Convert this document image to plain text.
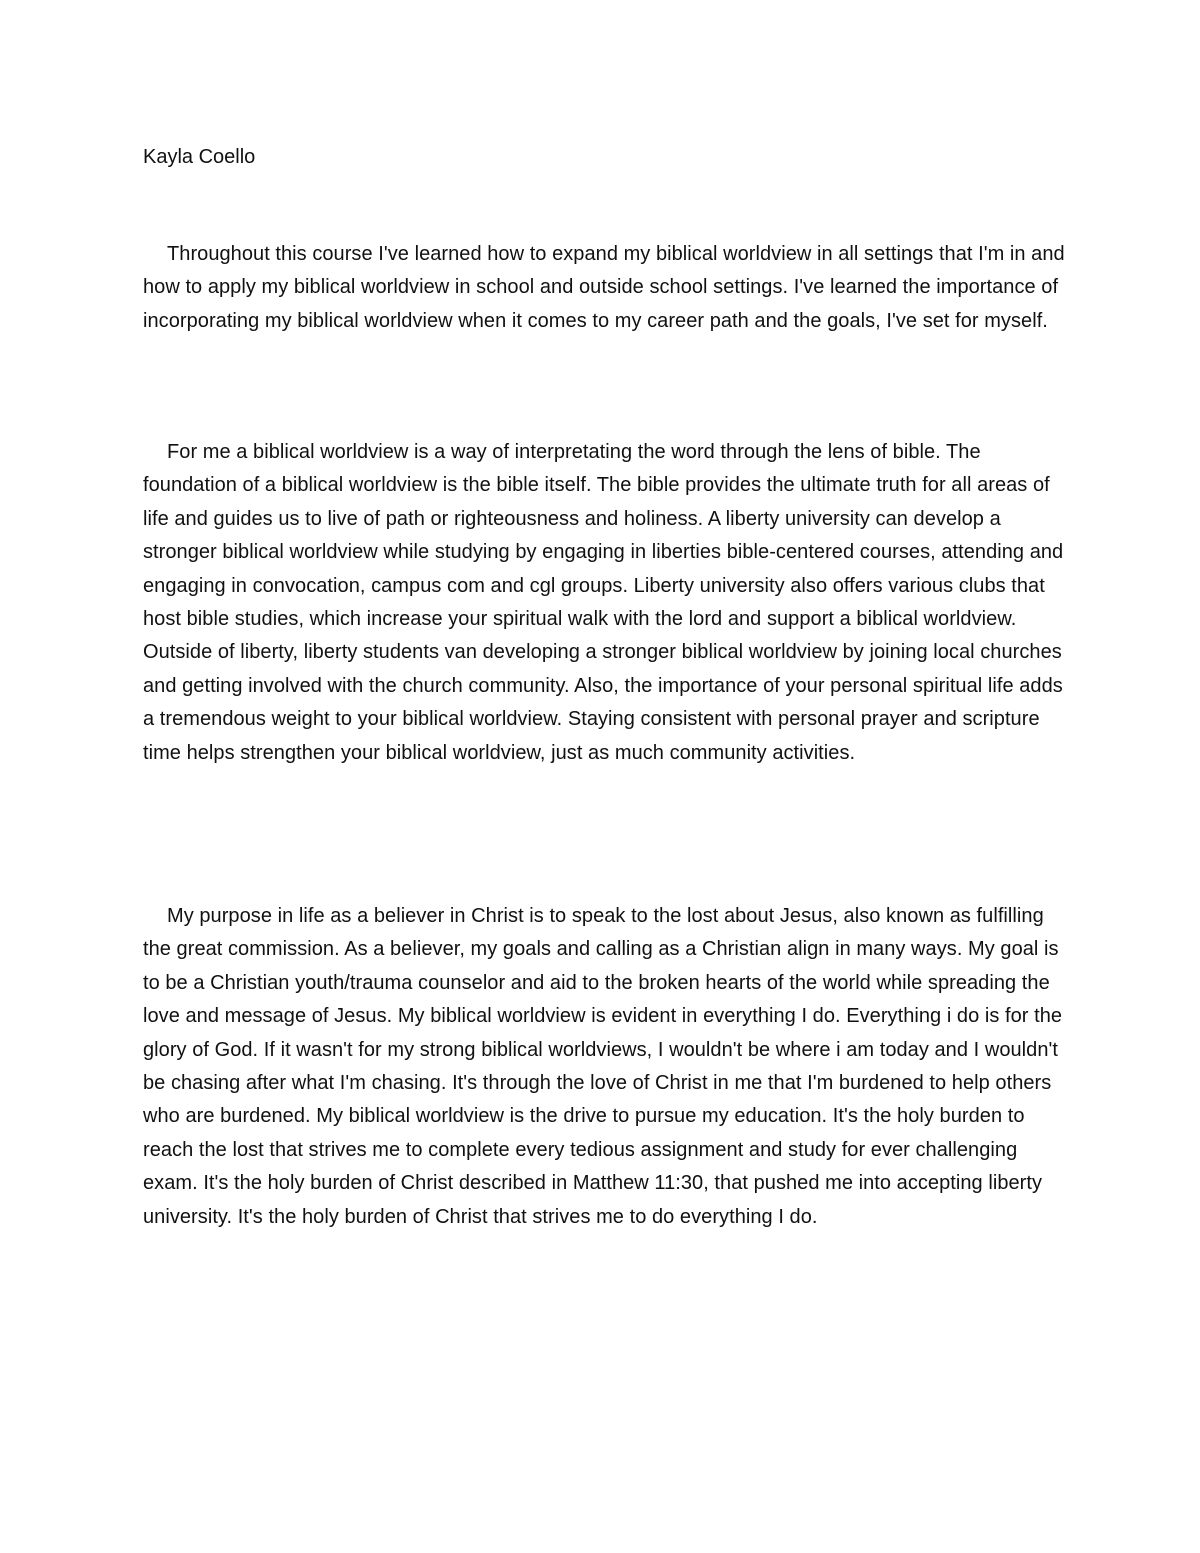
Kayla Coello

Throughout this course I've learned how to expand my biblical worldview in all settings that I'm in and how to apply my biblical worldview in school and outside school settings. I've learned the importance of incorporating my biblical worldview when it comes to my career path and the goals, I've set for myself.

For me a biblical worldview is a way of interpretating the word through the lens of bible. The foundation of a biblical worldview is the bible itself. The bible provides the ultimate truth for all areas of life and guides us to live of path or righteousness and holiness. A liberty university can develop a stronger biblical worldview while studying by engaging in liberties bible-centered courses, attending and engaging in convocation, campus com and cgl groups. Liberty university also offers various clubs that host bible studies, which increase your spiritual walk with the lord and support a biblical worldview. Outside of liberty, liberty students van developing a stronger biblical worldview by joining local churches and getting involved with the church community. Also, the importance of your personal spiritual life adds a tremendous weight to your biblical worldview. Staying consistent with personal prayer and scripture time helps strengthen your biblical worldview, just as much community activities.

My purpose in life as a believer in Christ is to speak to the lost about Jesus, also known as fulfilling the great commission. As a believer, my goals and calling as a Christian align in many ways. My goal is to be a Christian youth/trauma counselor and aid to the broken hearts of the world while spreading the love and message of Jesus. My biblical worldview is evident in everything I do. Everything i do is for the glory of God. If it wasn't for my strong biblical worldviews, I wouldn't be where i am today and I wouldn't be chasing after what I'm chasing. It's through the love of Christ in me that I'm burdened to help others who are burdened. My biblical worldview is the drive to pursue my education. It's the holy burden to reach the lost that strives me to complete every tedious assignment and study for ever challenging exam. It's the holy burden of Christ described in Matthew 11:30, that pushed me into accepting liberty university. It's the holy burden of Christ that strives me to do everything I do.
